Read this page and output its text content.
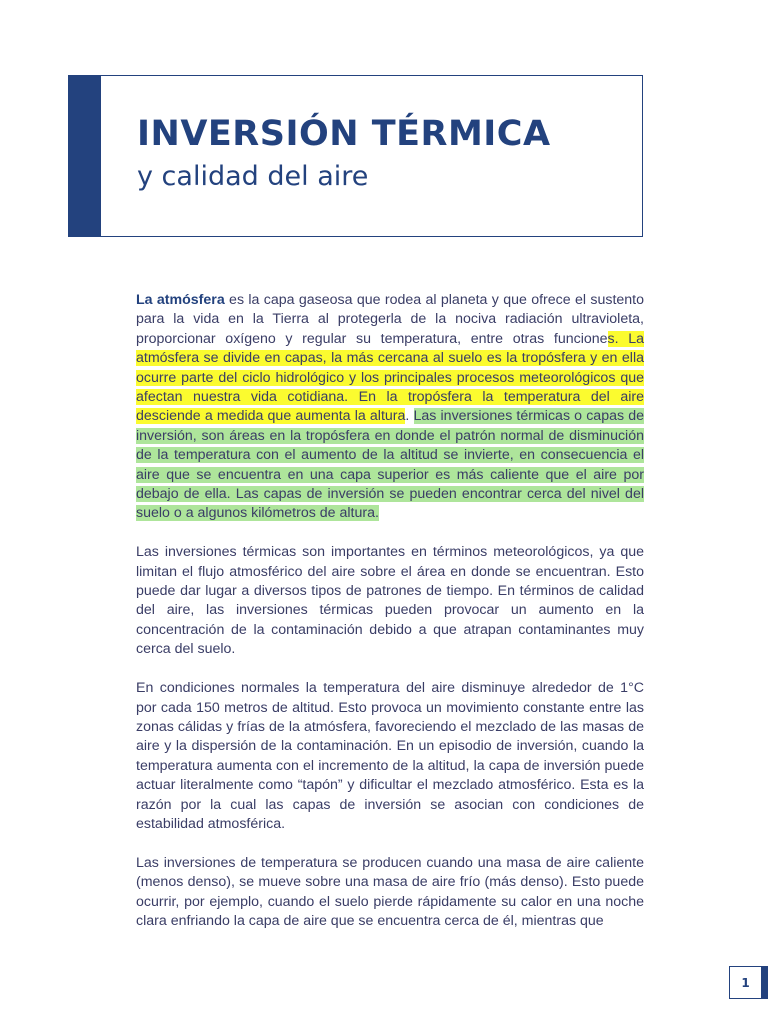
INVERSIÓN TÉRMICA
y calidad del aire

La atmósfera es la capa gaseosa que rodea al planeta y que ofrece el sustento para la vida en la Tierra al protegerla de la nociva radiación ultravioleta, proporcionar oxígeno y regular su temperatura, entre otras funciones. La atmósfera se divide en capas, la más cercana al suelo es la tropósfera y en ella ocurre parte del ciclo hidrológico y los principales procesos meteorológicos que afectan nuestra vida cotidiana. En la tropósfera la temperatura del aire desciende a medida que aumenta la altura. Las inversiones térmicas o capas de inversión, son áreas en la tropósfera en donde el patrón normal de disminución de la temperatura con el aumento de la altitud se invierte, en consecuencia el aire que se encuentra en una capa superior es más caliente que el aire por debajo de ella. Las capas de inversión se pueden encontrar cerca del nivel del suelo o a algunos kilómetros de altura.

Las inversiones térmicas son importantes en términos meteorológicos, ya que limitan el flujo atmosférico del aire sobre el área en donde se encuentran. Esto puede dar lugar a diversos tipos de patrones de tiempo. En términos de calidad del aire, las inversiones térmicas pueden provocar un aumento en la concentración de la contaminación debido a que atrapan contaminantes muy cerca del suelo.

En condiciones normales la temperatura del aire disminuye alrededor de 1°C por cada 150 metros de altitud. Esto provoca un movimiento constante entre las zonas cálidas y frías de la atmósfera, favoreciendo el mezclado de las masas de aire y la dispersión de la contaminación. En un episodio de inversión, cuando la temperatura aumenta con el incremento de la altitud, la capa de inversión puede actuar literalmente como “tapón” y dificultar el mezclado atmosférico. Esta es la razón por la cual las capas de inversión se asocian con condiciones de estabilidad atmosférica.

Las inversiones de temperatura se producen cuando una masa de aire caliente (menos denso), se mueve sobre una masa de aire frío (más denso). Esto puede ocurrir, por ejemplo, cuando el suelo pierde rápidamente su calor en una noche clara enfriando la capa de aire que se encuentra cerca de él, mientras que

1
